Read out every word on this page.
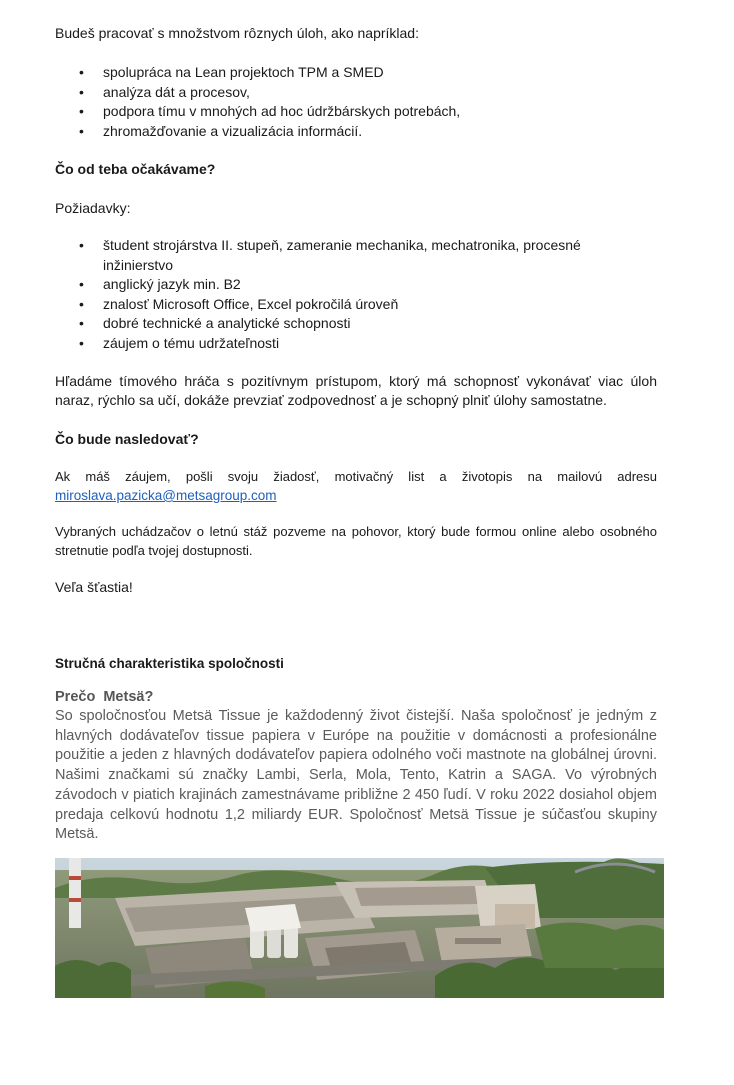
Budeš pracovať s množstvom rôznych úloh, ako napríklad:

• spolupráca na Lean projektoch TPM a SMED
• analýza dát a procesov,
• podpora tímu v mnohých ad hoc údržbárskych potrebách,
• zhromažďovanie a vizualizácia informácií.

Čo od teba očakávame?

Požiadavky:

• študent strojárstva II. stupeň, zameranie mechanika, mechatronika, procesné inžinierstvo
• anglický jazyk min. B2
• znalosť Microsoft Office, Excel pokročilá úroveň
• dobré technické a analytické schopnosti
• záujem o tému udržateľnosti

Hľadáme tímového hráča s pozitívnym prístupom, ktorý má schopnosť vykonávať viac úloh naraz, rýchlo sa učí, dokáže prevziať zodpovednosť a je schopný plniť úlohy samostatne.

Čo bude nasledovať?

Ak máš záujem, pošli svoju žiadosť, motivačný list a životopis na mailovú adresu

miroslava.pazicka@metsagroup.com

Vybraných uchádzačov o letnú stáž pozveme na pohovor, ktorý bude formou online alebo osobného stretnutie podľa tvojej dostupnosti.

Veľa šťastia!

Stručná charakteristika spoločnosti

Prečo  Metsä?

So spoločnosťou Metsä Tissue je každodenný život čistejší. Naša spoločnosť je jedným z hlavných dodávateľov tissue papiera v Európe na použitie v domácnosti a profesionálne použitie a jeden z hlavných dodávateľov papiera odolného voči mastnote na globálnej úrovni. Našimi značkami sú značky Lambi, Serla, Mola, Tento, Katrin a SAGA. Vo výrobných závodoch v piatich krajinách zamestnávame približne 2 450 ľudí. V roku 2022 dosiahol objem predaja celkovú hodnotu 1,2 miliardy EUR. Spoločnosť Metsä Tissue je súčasťou skupiny Metsä.
